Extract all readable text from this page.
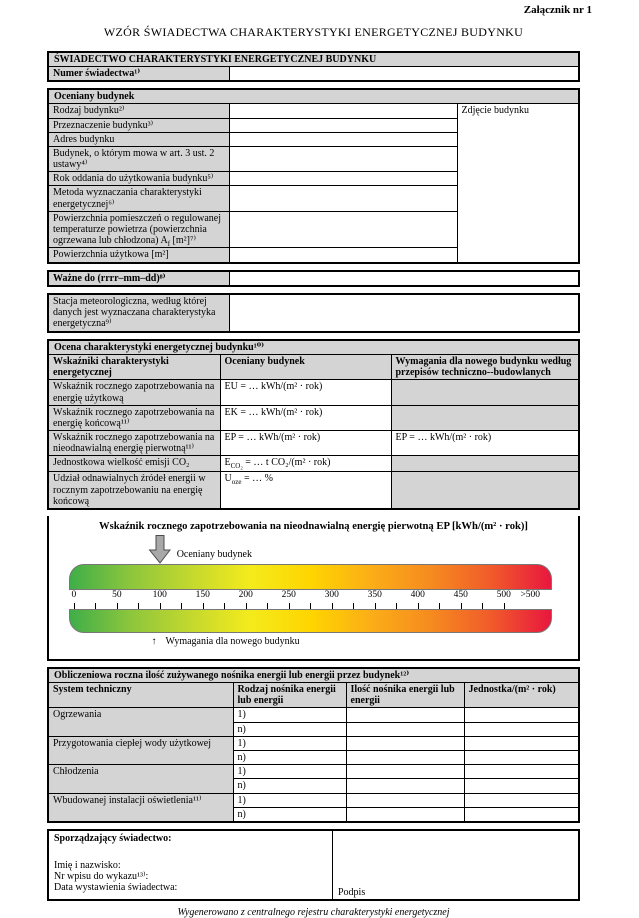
Załącznik nr 1
WZÓR ŚWIADECTWA CHARAKTERYSTYKI ENERGETYCZNEJ BUDYNKU
ŚWIADECTWO CHARAKTERYSTYKI ENERGETYCZNEJ BUDYNKU
Numer świadectwa¹⁾	
Oceniany budynek		
Rodzaj budynku²⁾		Zdjęcie budynku
Przeznaczenie budynku³⁾		
Adres budynku		
Budynek, o którym mowa w art. 3 ust. 2 ustawy⁴⁾		
Rok oddania do użytkowania budynku⁵⁾		
Metoda wyznaczania charakterystyki energetycznej⁶⁾		
Powierzchnia pomieszczeń o regulowanej temperaturze powietrza (powierzchnia ogrzewana lub chłodzona) $A_f$ [m²]⁷⁾		
Powierzchnia użytkowa [m²]		
Ważne do (rrrr–mm–dd)⁸⁾	
Stacja meteorologiczna, według której danych jest wyznaczana charakterystyka energetyczna⁹⁾	
Ocena charakterystyki energetycznej budynku¹⁰⁾		
Wskaźniki charakterystyki energetycznej	Oceniany budynek	Wymagania dla nowego budynku według przepisów techniczno--budowlanych
Wskaźnik rocznego zapotrzebowania na energię użytkową	EU = … kWh/(m² · rok)	
Wskaźnik rocznego zapotrzebowania na energię końcową¹¹⁾	EK = … kWh/(m² · rok)	
Wskaźnik rocznego zapotrzebowania na nieodnawialną energię pierwotną¹¹⁾	EP = … kWh/(m² · rok)	EP = … kWh/(m² · rok)
Jednostkowa wielkość emisji CO₂	$E_{CO_2}$ = … t CO₂/(m² · rok)	
Udział odnawialnych źródeł energii w rocznym zapotrzebowaniu na energię końcową	$U_{oze}$ = … %	
Wskaźnik rocznego zapotrzebowania na nieodnawialną energię pierwotną EP [kWh/(m² · rok)]
Oceniany budynek
0	50	100	150	200	250	300	350	400	450	500 >500
↑ Wymagania dla nowego budynku
Obliczeniowa roczna ilość zużywanego nośnika energii lub energii przez budynek¹²⁾			
System techniczny	Rodzaj nośnika energii lub energii	Ilość nośnika energii lub energii	Jednostka/(m² · rok)
Ogrzewania	1)		
	n)		
Przygotowania ciepłej wody użytkowej	1)		
	n)		
Chłodzenia	1)		
	n)		
Wbudowanej instalacji oświetlenia¹¹⁾	1)		
	n)		
Sporządzający świadectwo:
Imię i nazwisko:
Nr wpisu do wykazu¹³⁾:
Data wystawienia świadectwa:	Podpis
Wygenerowano z centralnego rejestru charakterystyki energetycznej
